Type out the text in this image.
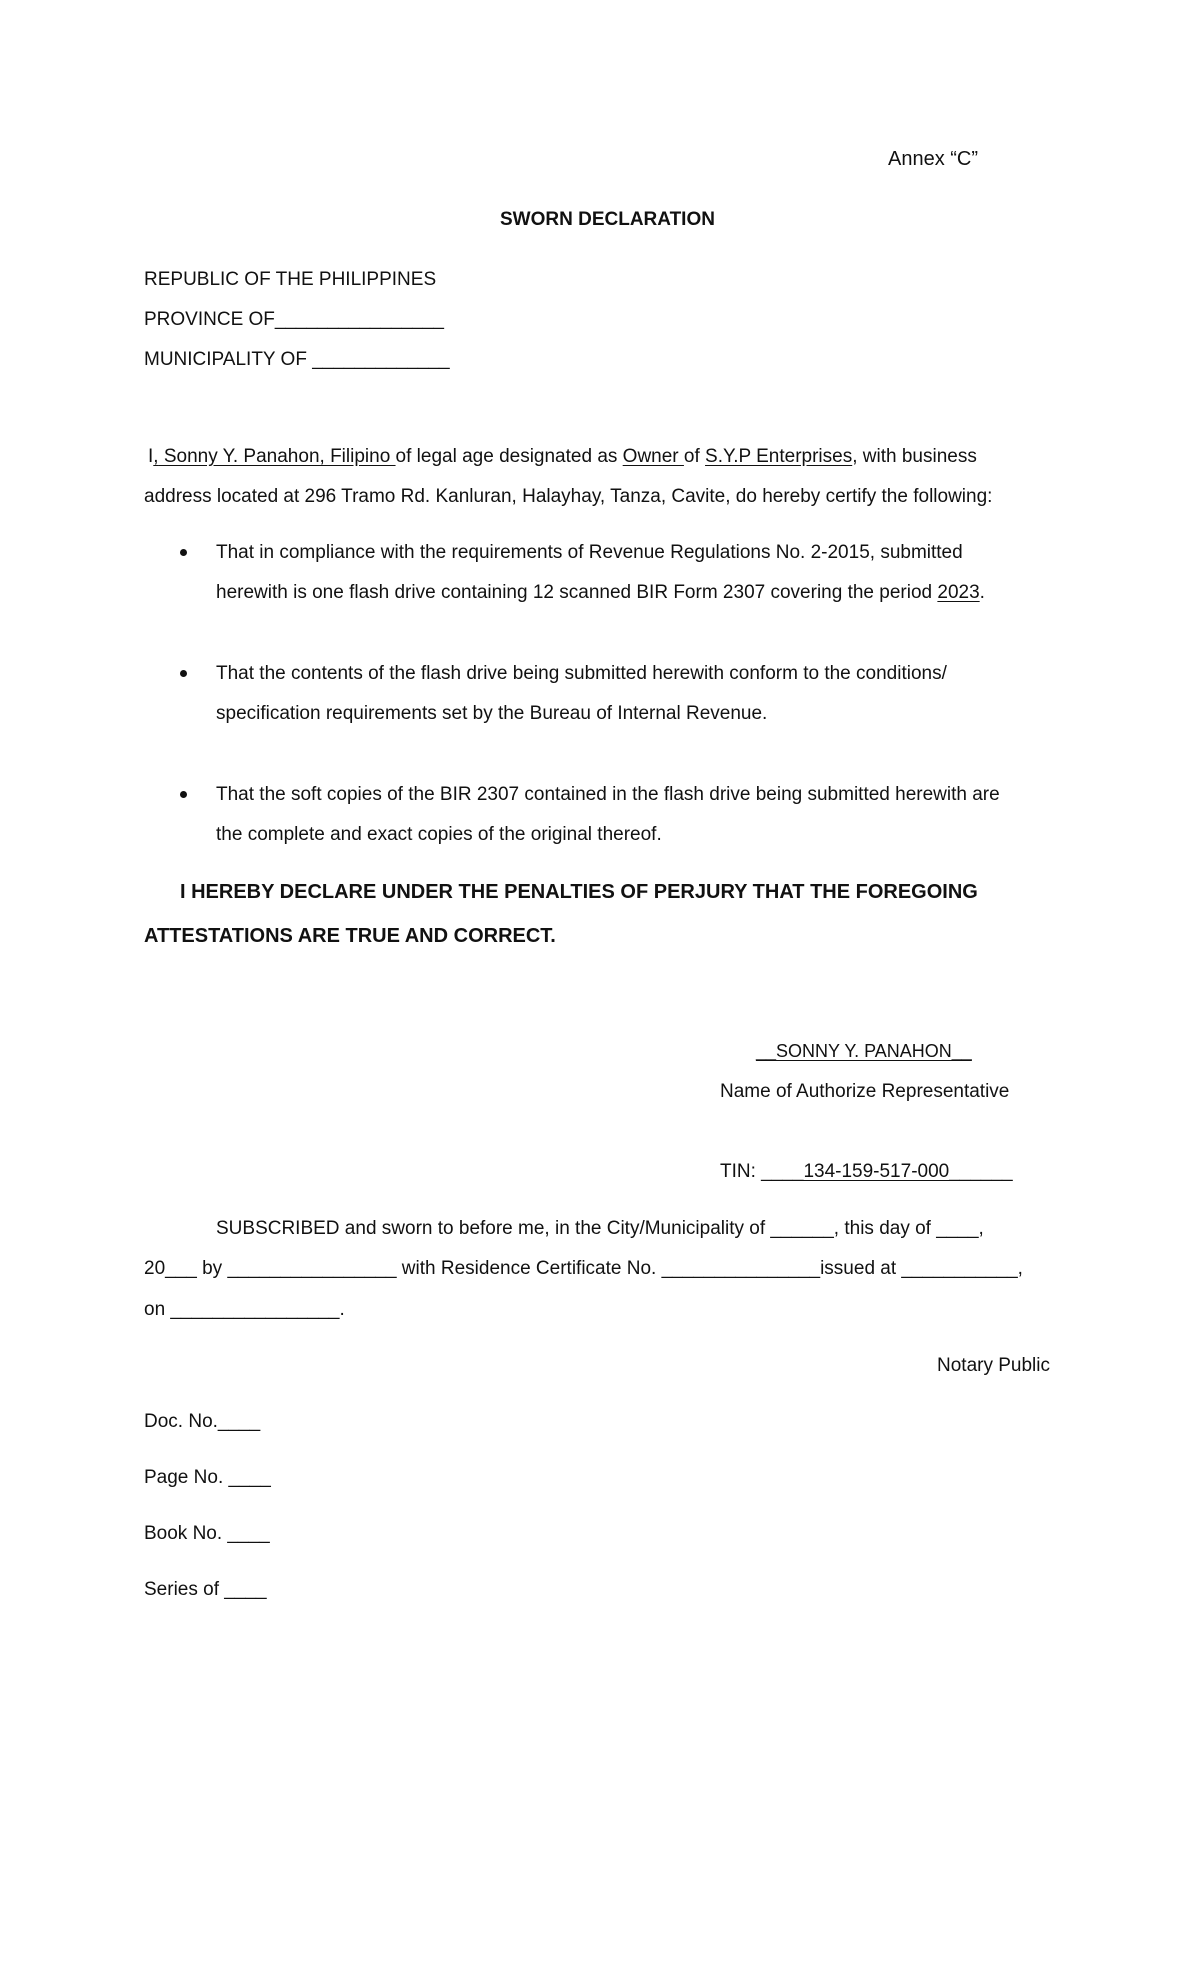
Annex “C”
SWORN DECLARATION
REPUBLIC OF THE PHILIPPINES
PROVINCE OF________________
MUNICIPALITY OF _____________
I, Sonny Y. Panahon, Filipino of legal age designated as Owner of S.Y.P Enterprises, with business
address located at 296 Tramo Rd. Kanluran, Halayhay, Tanza, Cavite, do hereby certify the following:
That in compliance with the requirements of Revenue Regulations No. 2-2015, submitted
herewith is one flash drive containing 12 scanned BIR Form 2307 covering the period 2023.
That the contents of the flash drive being submitted herewith conform to the conditions/
specification requirements set by the Bureau of Internal Revenue.
That the soft copies of the BIR 2307 contained in the flash drive being submitted herewith are
the complete and exact copies of the original thereof.
I HEREBY DECLARE UNDER THE PENALTIES OF PERJURY THAT THE FOREGOING
ATTESTATIONS ARE TRUE AND CORRECT.
__SONNY Y. PANAHON__
Name of Authorize Representative
TIN: ____134-159-517-000______
SUBSCRIBED and sworn to before me, in the City/Municipality of ______, this day of ____,
20___ by ________________ with Residence Certificate No. _______________issued at ___________,
on ________________.
Notary Public
Doc. No.____
Page No. ____
Book No. ____
Series of ____
